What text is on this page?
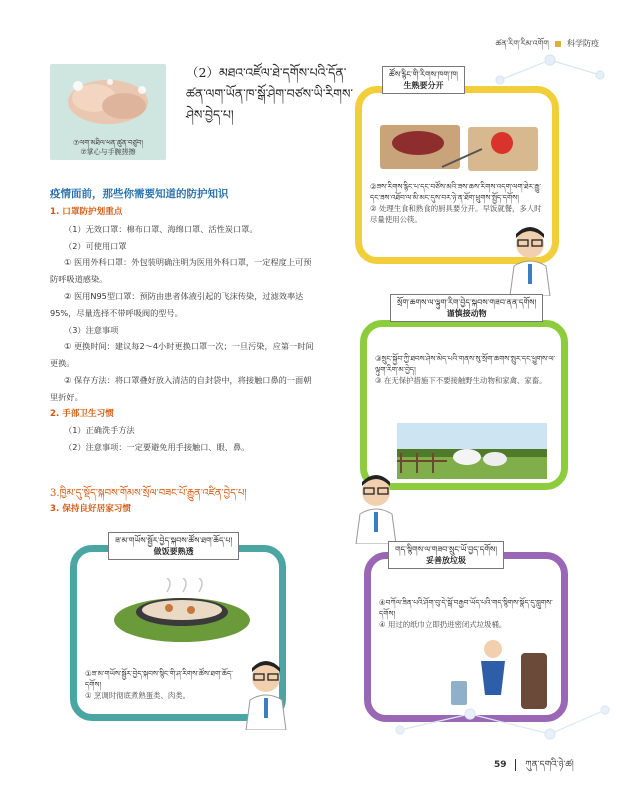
ཚན་རིག་རིམ་འགོག 科学防疫
⑦ལག་མཐིལ་ཕན་ཚུན་བཙུབ།
⑦掌心与手腕搓擦
（2）མཐའ་འཛོལ་ཐེ་དགོས་པའི་དོན་ཚན་ལག་ཡོན་ཁ་སྒོ་ཤེག་བཙས་ཡི་རིགས་ཤེས་བྱེད་པ།
疫情面前，那些你需要知道的防护知识

1. 口罩防护划重点

（1）无效口罩：棉布口罩、海绵口罩、活性炭口罩。

（2）可使用口罩

① 医用外科口罩：外包装明确注明为医用外科口罩，一定程度上可预防呼吸道感染。

② 医用N95型口罩：预防由患者体液引起的飞沫传染，过滤效率达95%，尽量选择不带呼吸阀的型号。

（3）注意事项

① 更换时间：建议每2～4小时更换口罩一次；一旦污染，应第一时间更换。

② 保存方法：将口罩叠好放入清洁的自封袋中，将接触口鼻的一面朝里折好。

2. 手部卫生习惯

（1）正确洗手方法

（2）注意事项：一定要避免用手接触口、眼、鼻。

3.ཁྱིམ་དུ་སྡོད་སྐབས་གོམས་སྲོལ་བཟང་པོ་རྒྱུན་འཛིན་བྱེད་པ།
3. 保持良好居家习惯
②ཟས་རིགས་རྙིང་པ་དང་བཙོས་མའི་ཟས་ཆས་རིགས་འདག་ལག་ཐེར་རྒྱུ་དང་ཟས་འཐོབ་ལ་མི་མང་དུས་བར་ཉེ་ན་ཐོག་ཕྲུགས་སྤྱོད་དགོས།
② 处理生食和熟食的厨具要分开。早饭就餐，多人时尽量使用公筷。
ཚོས་རྙིང་གི་རིགས་ཁག་ཁ།
生熟要分开
③སྲུང་སྐྱོབ་ཀྱི་ཐབས་ཤེས་མེད་པའི་གནས་སུ་སྲོག་ཆགས་སྤུར་དང་ཕྱུགས་ལ་ལྟུག་རིག་མ་བྱེད།
③ 在无保护措施下不要接触野生动物和家禽、家畜。
སྲོག་ཆགས་ལ་ལྟུག་རིག་བྱེད་སྐབས་གཟབ་ནན་དགོས།
谨慎接动物
①ཟ་མ་གཡོས་སྦྱོར་བྱེད་སྐབས་སྙིང་གི་ཤ་རིགས་ཚོས་ཐག་ཆོད་དགོས།
① 烹调时彻底煮熟蛋类、肉类。
ཟ་མ་གཡོས་སྦྱོར་བྱེད་སྐབས་ཚོས་ཐག་ཆོད་པ།
做饭要熟透
④བཀོལ་ཟིན་པའི་ཤོག་བུ་དེ་སྒོ་བརྒྱབ་ཡོད་པའི་གད་སྙིགས་སྣོད་དུ་བླུགས་དགོས།
④ 用过的纸巾立即扔进密闭式垃圾桶。
གད་སྙིགས་ལ་གཟབ་སྲུང་ཡོ་བྱད་དགོས།
妥善放垃圾
59 ཀུན་དགའི་ཉེ་ཚ།
